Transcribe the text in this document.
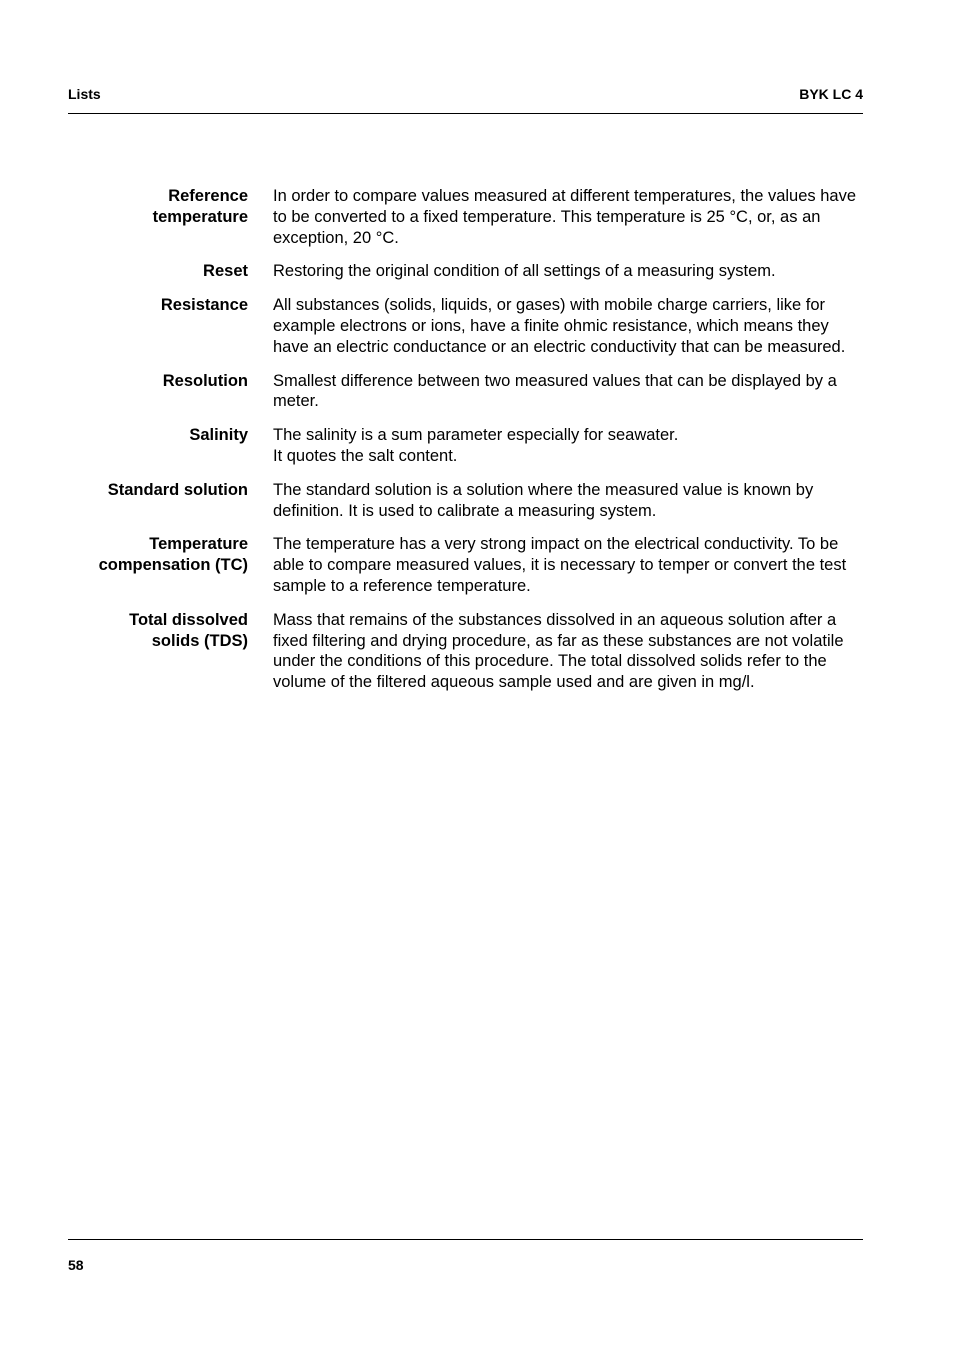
Lists	BYK LC 4
Reference
temperature
In order to compare values measured at different temperatures, the values have to be converted to a fixed temperature. This temperature is 25 °C, or, as an exception, 20 °C.
Reset Restoring the original condition of all settings of a measuring system.
Resistance All substances (solids, liquids, or gases) with mobile charge carriers, like for example electrons or ions, have a finite ohmic resistance, which means they have an electric conductance or an electric conductivity that can be measured.
Resolution Smallest difference between two measured values that can be displayed by a meter.
Salinity The salinity is a sum parameter especially for seawater.
It quotes the salt content.
Standard solution The standard solution is a solution where the measured value is known by definition. It is used to calibrate a measuring system.
Temperature
compensation (TC)
The temperature has a very strong impact on the electrical conductivity. To be able to compare measured values, it is necessary to temper or convert the test sample to a reference temperature.
Total dissolved
solids (TDS)
Mass that remains of the substances dissolved in an aqueous solution after a fixed filtering and drying procedure, as far as these substances are not volatile under the conditions of this procedure. The total dissolved solids refer to the volume of the filtered aqueous sample used and are given in mg/l.
58
